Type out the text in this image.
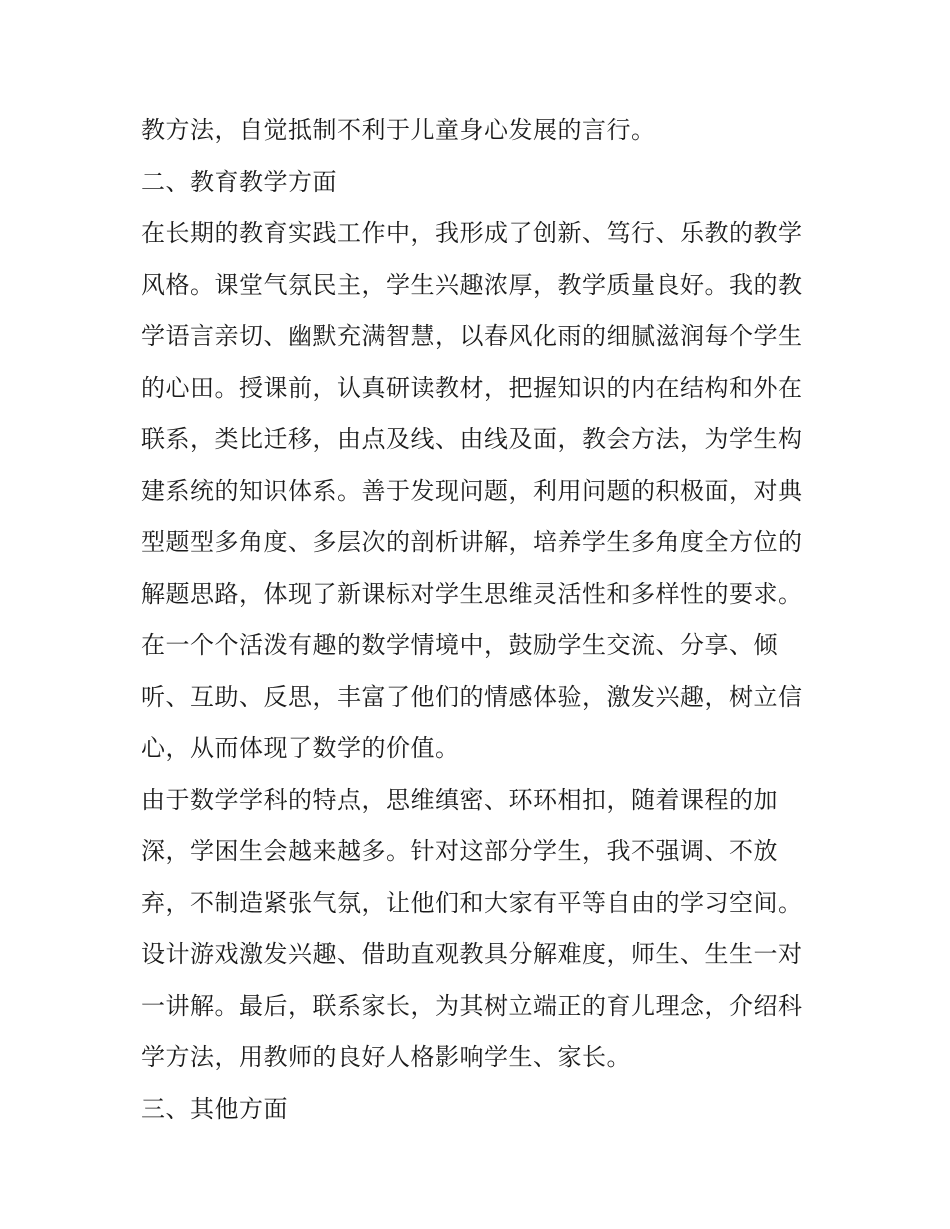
教方法，自觉抵制不利于儿童身心发展的言行。
二、教育教学方面
在长期的教育实践工作中，我形成了创新、笃行、乐教的教学
风格。课堂气氛民主，学生兴趣浓厚，教学质量良好。我的教
学语言亲切、幽默充满智慧，以春风化雨的细腻滋润每个学生
的心田。授课前，认真研读教材，把握知识的内在结构和外在
联系，类比迁移，由点及线、由线及面，教会方法，为学生构
建系统的知识体系。善于发现问题，利用问题的积极面，对典
型题型多角度、多层次的剖析讲解，培养学生多角度全方位的
解题思路，体现了新课标对学生思维灵活性和多样性的要求。
在一个个活泼有趣的数学情境中，鼓励学生交流、分享、倾
听、互助、反思，丰富了他们的情感体验，激发兴趣，树立信
心，从而体现了数学的价值。
由于数学学科的特点，思维缜密、环环相扣，随着课程的加
深，学困生会越来越多。针对这部分学生，我不强调、不放
弃，不制造紧张气氛，让他们和大家有平等自由的学习空间。
设计游戏激发兴趣、借助直观教具分解难度，师生、生生一对
一讲解。最后，联系家长，为其树立端正的育儿理念，介绍科
学方法，用教师的良好人格影响学生、家长。
三、其他方面
